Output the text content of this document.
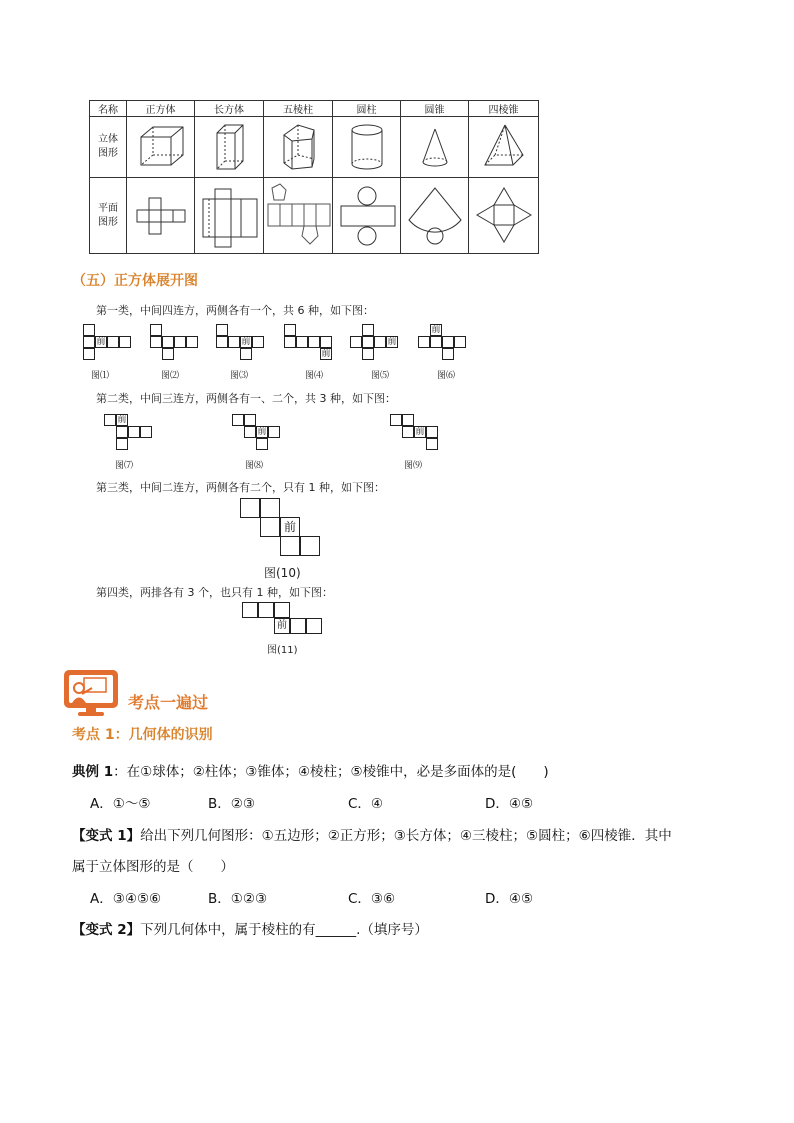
名称	正方体	长方体	五棱柱	圆柱	圆锥	四棱锥
立体
图形	

平面
图形	

（五）正方体展开图
第一类，中间四连方，两侧各有一个，共 6 种，如下图：
前	前
前
前
前
图⑴	图⑵	图⑶	图⑷	图⑸	图⑹
第二类，中间三连方，两侧各有一、二个，共 3 种，如下图：
前
前	前
图⑺	图⑻	图⑼
第三类，中间二连方，两侧各有二个，只有 1 种，如下图：
前
图(10)
第四类，两排各有 3 个，也只有 1 种，如下图：
前
图(11)
考点一遍过
考点 1：几何体的识别
典例 1：在①球体；②柱体；③锥体；④棱柱；⑤棱锥中，必是多面体的是(　　)
A．①～⑤	B．②③	C．④	D．④⑤
【变式 1】给出下列几何图形：①五边形；②正方形；③长方体；④三棱柱；⑤圆柱；⑥四棱锥．其中
属于立体图形的是（　　）
A．③④⑤⑥	B．①②③	C．③⑥	D．④⑤
【变式 2】下列几何体中，属于棱柱的有______.（填序号）
